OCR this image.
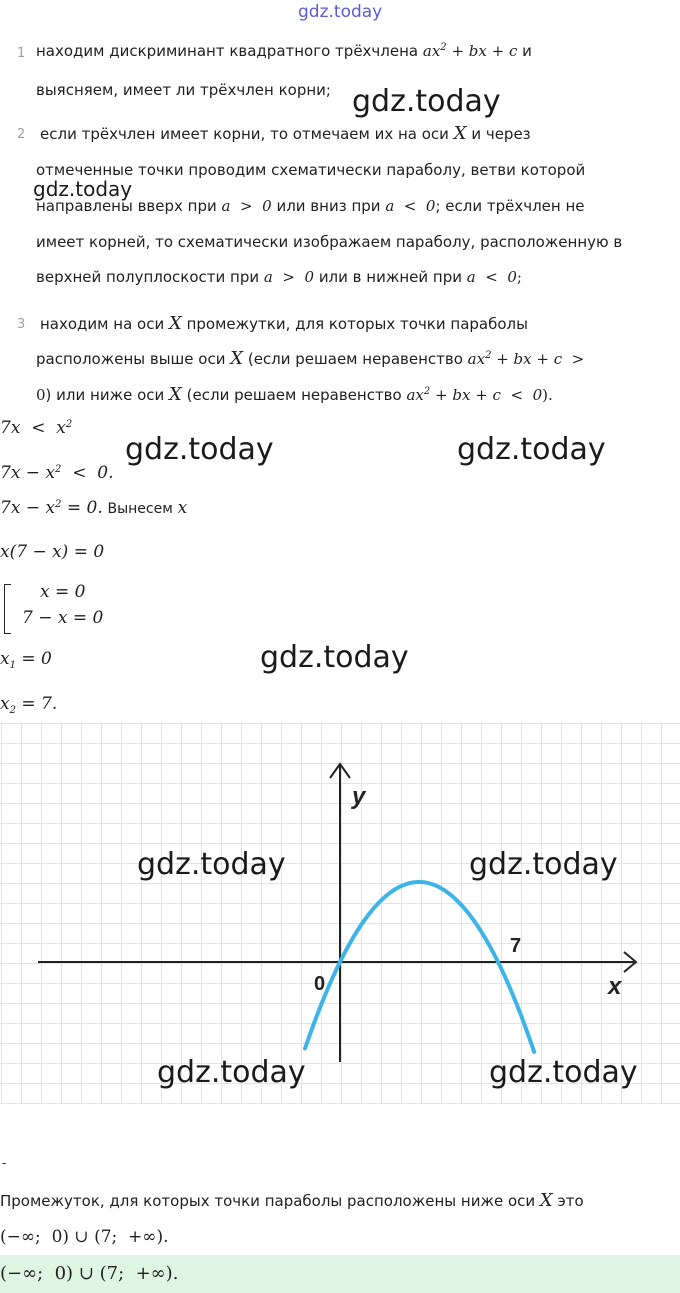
gdz.today
1 находим дискриминант квадратного трёхчлена $ax^2$ + bx + c и
выясняем, имеет ли трёхчлен корни;
2 если трёхчлен имеет корни, то отмечаем их на оси X и через
отмеченные точки проводим схематически параболу, ветви которой
направлены вверх при a  >  0 или вниз при a  <  0; если трёхчлен не
имеет корней, то схематически изображаем параболу, расположенную в
верхней полуплоскости при a  >  0 или в нижней при a  <  0;
3 находим на оси X промежутки, для которых точки параболы
расположены выше оси X (если решаем неравенство $ax^2$ + bx + c  >
0) или ниже оси X (если решаем неравенство $ax^2$ + bx + c  <  0).
$7x < x^2$
$7x - x^2 < 0$.
$7x - x^2 = 0$. Вынесем x
x(7 − x) = 0
x = 0
7 − x = 0
$x_1 = 0$
$x_2 = 7$.
y
x
0
7
gdz.today
gdz.today
gdz.today	gdz.today
gdz.today
gdz.today	gdz.today
gdz.today	gdz.today
-
Промежуток, для которых точки параболы расположены ниже оси X это
(−∞;  0) ∪ (7;  +∞).
(−∞;  0) ∪ (7;  +∞).
